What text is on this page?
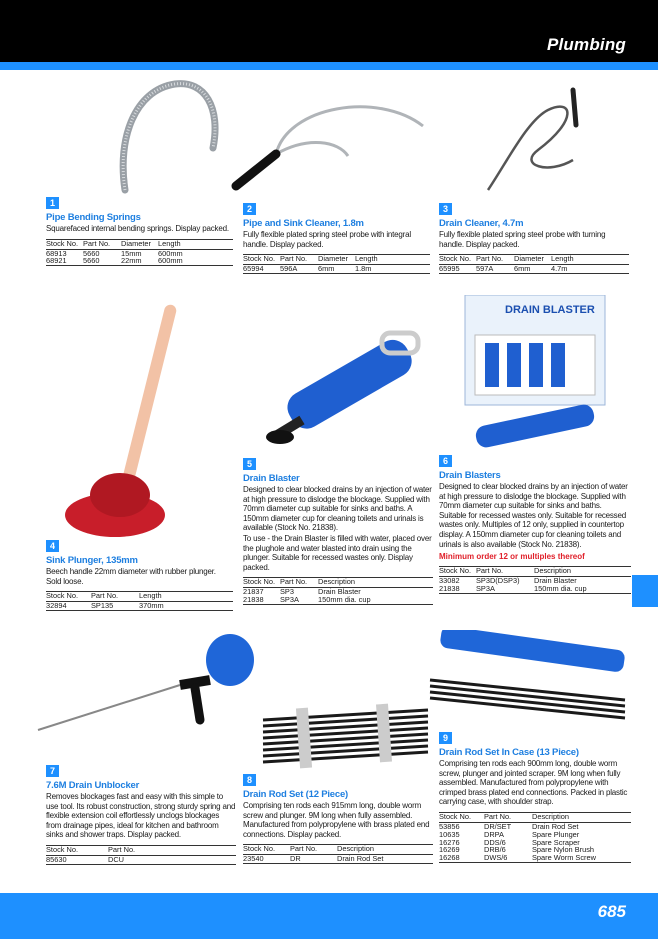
Plumbing
DRAIN BLASTER
1
Pipe Bending Springs
Squarefaced internal bending springs. Display packed.
Stock No.	Part No.	Diameter	Length
68913	5660	15mm	600mm
68921	5660	22mm	600mm
2
Pipe and Sink Cleaner, 1.8m
Fully flexible plated spring steel probe with integral handle. Display packed.
Stock No.	Part No.	Diameter	Length
65994	596A	6mm	1.8m
3
Drain Cleaner, 4.7m
Fully flexible plated spring steel probe with turning handle. Display packed.
Stock No.	Part No.	Diameter	Length
65995	597A	6mm	4.7m
4
Sink Plunger, 135mm
Beech handle 22mm diameter with rubber plunger. Sold loose.
Stock No.	Part No.	Length
32894	SP135	370mm
5
Drain Blaster
Designed to clear blocked drains by an injection of water at high pressure to dislodge the blockage. Supplied with 70mm diameter cup suitable for sinks and baths. A 150mm diameter cup for cleaning toilets and urinals is available (Stock No. 21838).
To use - the Drain Blaster is filled with water, placed over the plughole and water blasted into drain using the plunger. Suitable for recessed wastes only. Display packed.
Stock No.	Part No.	Description
21837	SP3	Drain Blaster
21838	SP3A	150mm dia. cup
6
Drain Blasters
Designed to clear blocked drains by an injection of water at high pressure to dislodge the blockage. Supplied with 70mm diameter cup suitable for sinks and baths. Suitable for recessed wastes only. Suitable for recessed wastes only. Multiples of 12 only, supplied in countertop display. A 150mm diameter cup for cleaning toilets and urinals is also available (Stock No. 21838).
Minimum order 12 or multiples thereof
Stock No.	Part No.	Description
33082	SP3D(DSP3)	Drain Blaster
21838	SP3A	150mm dia. cup
7
7.6M Drain Unblocker
Removes blockages fast and easy with this simple to use tool. Its robust construction, strong sturdy spring and flexible extension coil effortlessly unclogs blockages from drainage pipes, ideal for kitchen and bathroom sinks and shower traps. Display packed.
Stock No.	Part No.
85630	DCU
8
Drain Rod Set (12 Piece)
Comprising ten rods each 915mm long, double worm screw and plunger. 9M long when fully assembled. Manufactured from polypropylene with brass plated end connections. Display packed.
Stock No.	Part No.	Description
23540	DR	Drain Rod Set
9
Drain Rod Set In Case (13 Piece)
Comprising ten rods each 900mm long, double worm screw, plunger and jointed scraper. 9M long when fully assembled. Manufactured from polypropylene with crimped brass plated end connections. Packed in plastic carrying case, with shoulder strap.
Stock No.	Part No.	Description
53856	DR/SET	Drain Rod Set
10635	DRPA	Spare Plunger
16276	DDS/6	Spare Scraper
16269	DRB/6	Spare Nylon Brush
16268	DWS/6	Spare Worm Screw
685
